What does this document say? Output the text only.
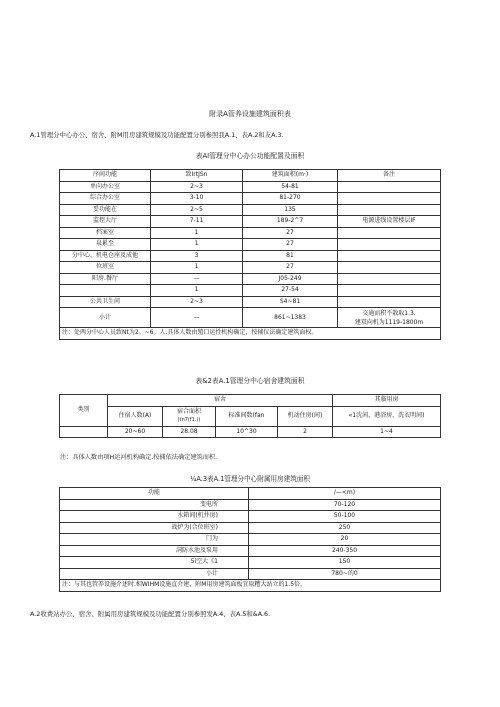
附录A管养设施建筑面积表
A.1管理分中心办公、宿舍、附M用房建筑规模及功能配置分别参照我A.1、表A.2和友A.3.
表AI管理分中心办公功能配置及面积
序间功能	致IrtJSn	建筑面积(m‧)	备注
单向办公室	2~3	54-81	
综合办公室	3-10	81-270	
妥功能在	2~5	135	
监控大厅	7-11	189-2^7	电源进线设置楼层IF
档案室	1	27	
泉累至	1	27	
分中心、机电仓座及成他	3	81	
位班室	1	27	
阳房.餐厅	—	J05-249	
	1	27-54	
公共卫生间	2~3	S4~81	
小计	—	861~1383	交通而积不散取1.3.
建双向机为1119-1800m

注：处两分中心人员致Nt为2。~6。人.具体人数由殖口运性机构确定，按辅仪法确定建筑面权。			
表&2表A.1管理分中心宿舍建筑面积
类别	宿舍				其临用房
	住宿人数(A)	宿合面积
(tn7(f1.))	标准间数(fan	机动住房(间)	«1沈间、港浴房、洗衣明间)
	20~60	28.08	10^30	2	1~4
注：具体人数由项H运河机构确定.按捕依法确定建筑而积.
¼A.3表A.1管理分中心附属用房建筑面积
功能	/—<m)
变电所	70-120
水箱间(机井房)	50-100
战炉为(合位班室)	250
门为	20
詞防水池及泵用	240-350
5i空大《1	150
小计	780~的0
注：与其也管养设施介述时.相WIHM设施直介建，附M用房建筑面板宜取糟大站立的1.5倍，	
A.2收费站办公、宿舍、附属用房建筑规模及功能配置分别参照发A.4、表A.5和&A.6.
